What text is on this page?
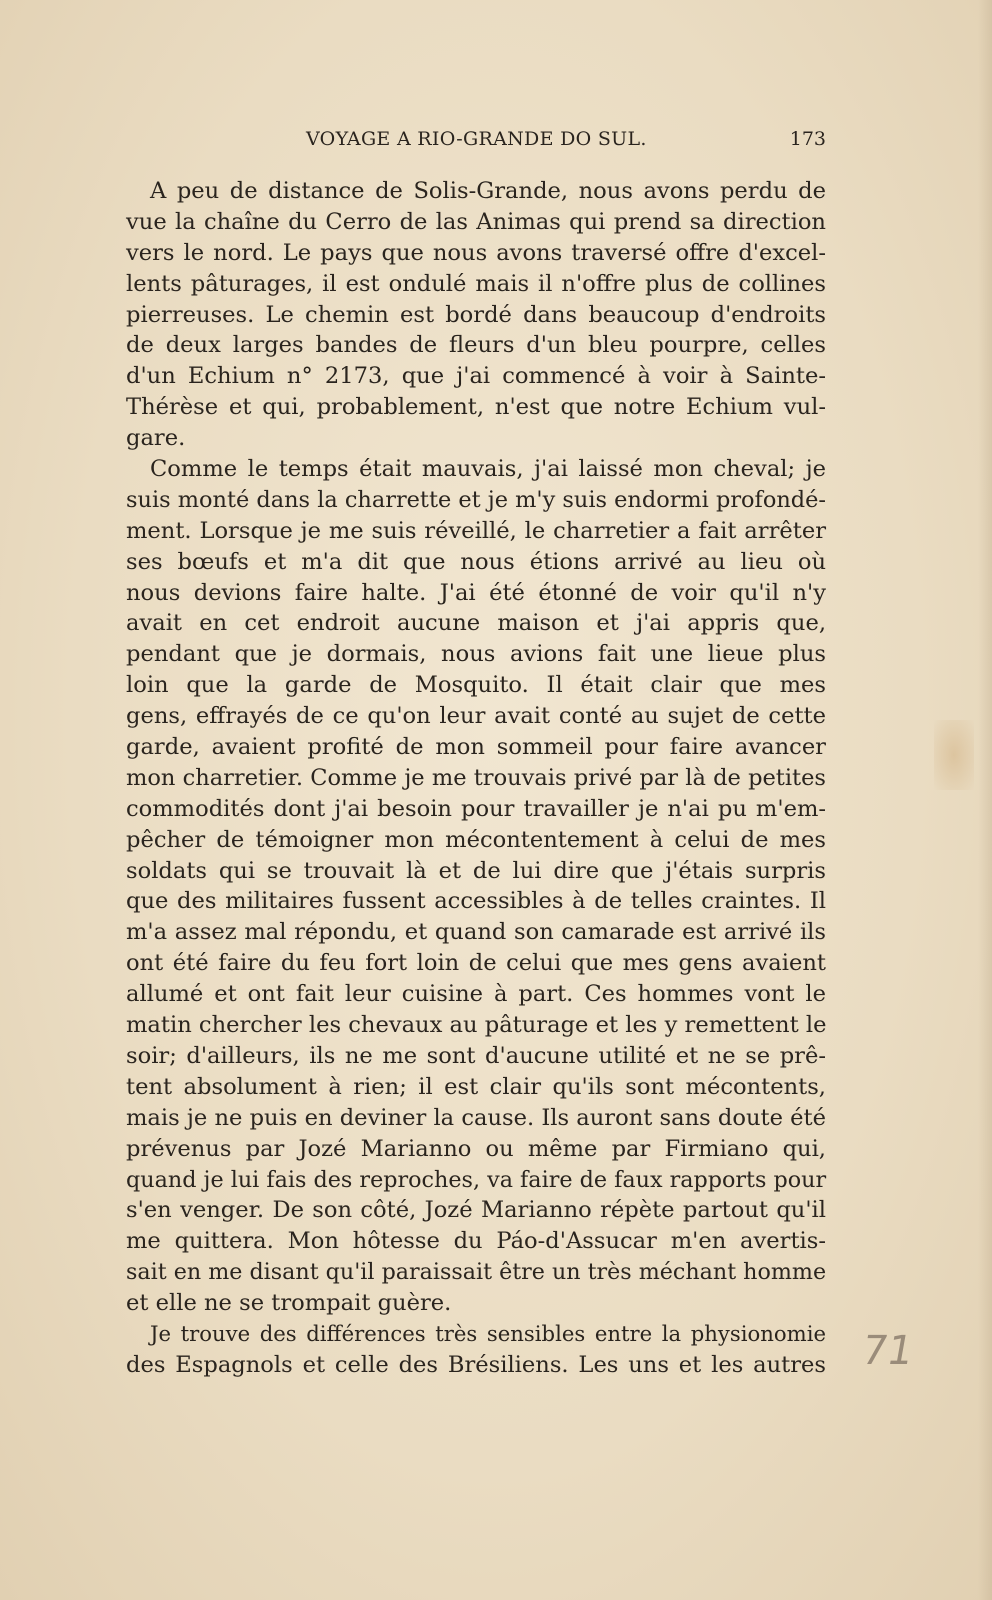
VOYAGE A RIO-GRANDE DO SUL.	173
A peu de distance de Solis-Grande, nous avons perdu de
vue la chaîne du Cerro de las Animas qui prend sa direction
vers le nord. Le pays que nous avons traversé offre d'excel-
lents pâturages, il est ondulé mais il n'offre plus de collines
pierreuses. Le chemin est bordé dans beaucoup d'endroits
de deux larges bandes de fleurs d'un bleu pourpre, celles
d'un Echium n° 2173, que j'ai commencé à voir à Sainte-
Thérèse et qui, probablement, n'est que notre Echium vul-
gare.
Comme le temps était mauvais, j'ai laissé mon cheval; je
suis monté dans la charrette et je m'y suis endormi profondé-
ment. Lorsque je me suis réveillé, le charretier a fait arrêter
ses bœufs et m'a dit que nous étions arrivé au lieu où
nous devions faire halte. J'ai été étonné de voir qu'il n'y
avait en cet endroit aucune maison et j'ai appris que,
pendant que je dormais, nous avions fait une lieue plus
loin que la garde de Mosquito. Il était clair que mes
gens, effrayés de ce qu'on leur avait conté au sujet de cette
garde, avaient profité de mon sommeil pour faire avancer
mon charretier. Comme je me trouvais privé par là de petites
commodités dont j'ai besoin pour travailler je n'ai pu m'em-
pêcher de témoigner mon mécontentement à celui de mes
soldats qui se trouvait là et de lui dire que j'étais surpris
que des militaires fussent accessibles à de telles craintes. Il
m'a assez mal répondu, et quand son camarade est arrivé ils
ont été faire du feu fort loin de celui que mes gens avaient
allumé et ont fait leur cuisine à part. Ces hommes vont le
matin chercher les chevaux au pâturage et les y remettent le
soir; d'ailleurs, ils ne me sont d'aucune utilité et ne se prê-
tent absolument à rien; il est clair qu'ils sont mécontents,
mais je ne puis en deviner la cause. Ils auront sans doute été
prévenus par Jozé Marianno ou même par Firmiano qui,
quand je lui fais des reproches, va faire de faux rapports pour
s'en venger. De son côté, Jozé Marianno répète partout qu'il
me quittera. Mon hôtesse du Páo-d'Assucar m'en avertis-
sait en me disant qu'il paraissait être un très méchant homme
et elle ne se trompait guère.
Je trouve des différences très sensibles entre la physionomie
des Espagnols et celle des Brésiliens. Les uns et les autres 71
